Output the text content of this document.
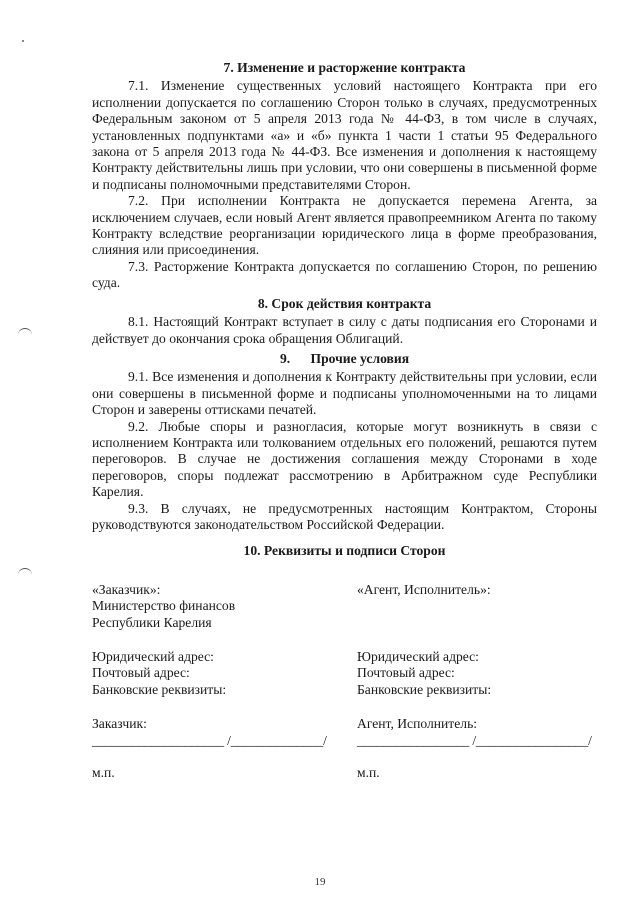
7. Изменение и расторжение контракта

7.1. Изменение существенных условий настоящего Контракта при его исполнении допускается по соглашению Сторон только в случаях, предусмотренных Федеральным законом от 5 апреля 2013 года № 44-ФЗ, в том числе в случаях, установленных подпунктами «а» и «б» пункта 1 части 1 статьи 95 Федерального закона от 5 апреля 2013 года № 44-ФЗ. Все изменения и дополнения к настоящему Контракту действительны лишь при условии, что они совершены в письменной форме и подписаны полномочными представителями Сторон.

7.2. При исполнении Контракта не допускается перемена Агента, за исключением случаев, если новый Агент является правопреемником Агента по такому Контракту вследствие реорганизации юридического лица в форме преобразования, слияния или присоединения.

7.3. Расторжение Контракта допускается по соглашению Сторон, по решению суда.

8. Срок действия контракта

8.1. Настоящий Контракт вступает в силу с даты подписания его Сторонами и действует до окончания срока обращения Облигаций.

9.      Прочие условия

9.1. Все изменения и дополнения к Контракту действительны при условии, если они совершены в письменной форме и подписаны уполномоченными на то лицами Сторон и заверены оттисками печатей.

9.2. Любые споры и разногласия, которые могут возникнуть в связи с исполнением Контракта или толкованием отдельных его положений, решаются путем переговоров. В случае не достижения соглашения между Сторонами в ходе переговоров, споры подлежат рассмотрению в Арбитражном суде Республики Карелия.

9.3. В случаях, не предусмотренных настоящим Контрактом, Стороны руководствуются законодательством Российской Федерации.

10. Реквизиты и подписи Сторон
«Заказчик»:
Министерство финансов
Республики Карелия
Юридический адрес:
Почтовый адрес:
Банковские реквизиты:
Заказчик:
____________________ /______________/
м.п.
«Агент, Исполнитель»:
Юридический адрес:
Почтовый адрес:
Банковские реквизиты:
Агент, Исполнитель:
_________________ /_________________/
м.п.
19
